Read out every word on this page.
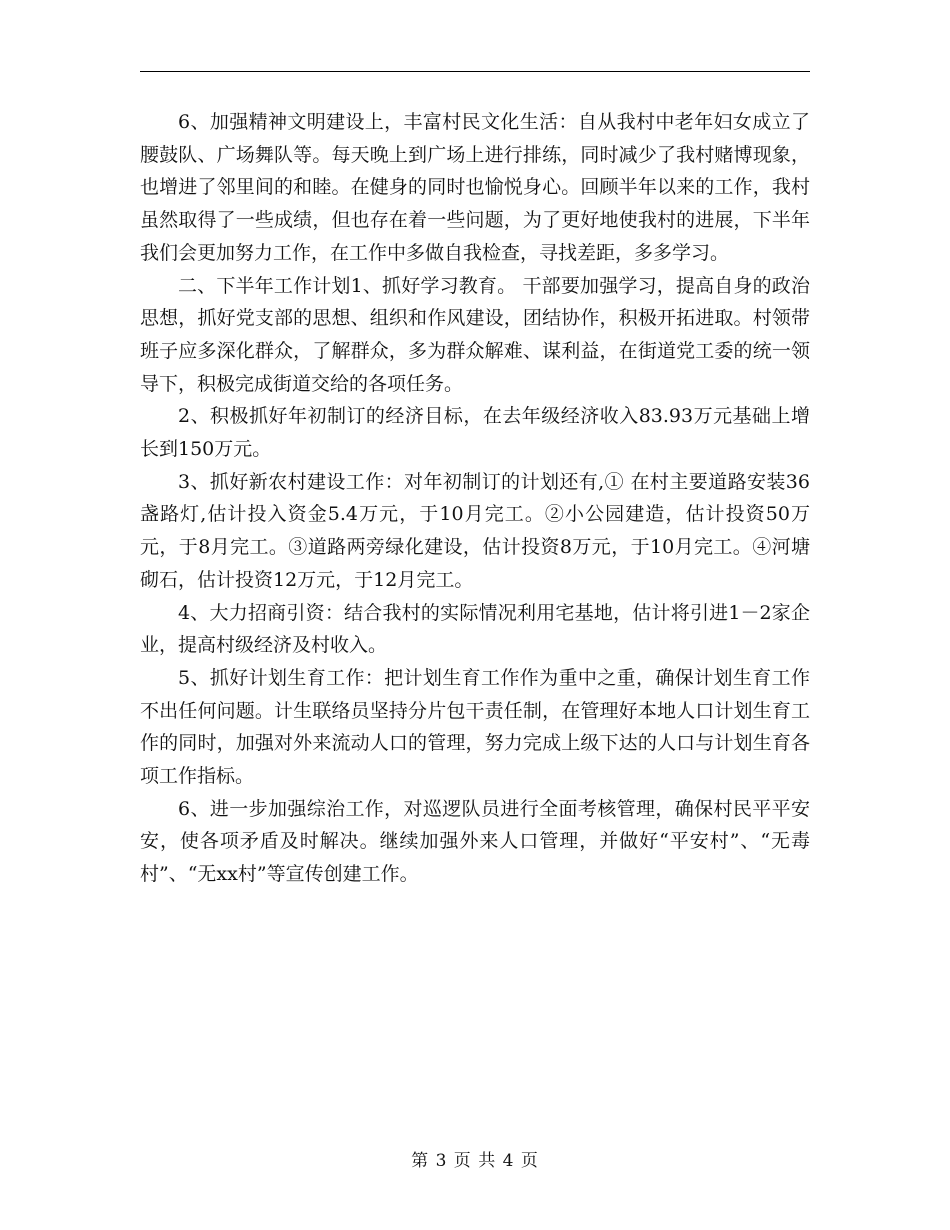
6、加强精神文明建设上，丰富村民文化生活：自从我村中老年妇女成立了腰鼓队、广场舞队等。每天晚上到广场上进行排练，同时减少了我村赌博现象，也增进了邻里间的和睦。在健身的同时也愉悦身心。回顾半年以来的工作，我村虽然取得了一些成绩，但也存在着一些问题，为了更好地使我村的进展，下半年我们会更加努力工作，在工作中多做自我检查，寻找差距，多多学习。

二、下半年工作计划1、抓好学习教育。 干部要加强学习，提高自身的政治思想，抓好党支部的思想、组织和作风建设，团结协作，积极开拓进取。村领带班子应多深化群众，了解群众，多为群众解难、谋利益，在街道党工委的统一领导下，积极完成街道交给的各项任务。

2、积极抓好年初制订的经济目标，在去年级经济收入83.93万元基础上增长到150万元。

3、抓好新农村建设工作：对年初制订的计划还有,① 在村主要道路安装36盏路灯,估计投入资金5.4万元，于10月完工。②小公园建造，估计投资50万元，于8月完工。③道路两旁绿化建设，估计投资8万元，于10月完工。④河塘砌石，估计投资12万元，于12月完工。

4、大力招商引资：结合我村的实际情况利用宅基地，估计将引进1－2家企业，提高村级经济及村收入。

5、抓好计划生育工作：把计划生育工作作为重中之重，确保计划生育工作不出任何问题。计生联络员坚持分片包干责任制，在管理好本地人口计划生育工作的同时，加强对外来流动人口的管理，努力完成上级下达的人口与计划生育各项工作指标。

6、进一步加强综治工作，对巡逻队员进行全面考核管理，确保村民平平安安，使各项矛盾及时解决。继续加强外来人口管理，并做好“平安村”、“无毒村”、“无xx村”等宣传创建工作。

第 3 页 共 4 页
